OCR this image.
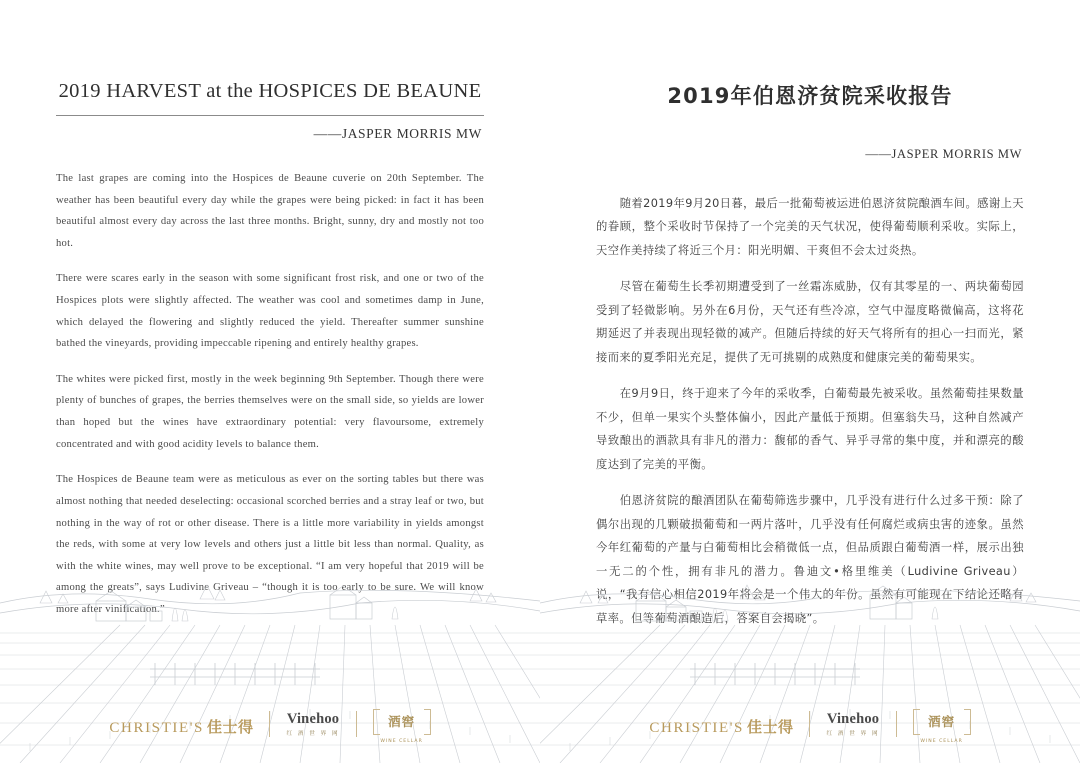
2019 HARVEST at the HOSPICES DE BEAUNE
——JASPER MORRIS MW

The last grapes are coming into the Hospices de Beaune cuverie on 20th September. The weather has been beautiful every day while the grapes were being picked: in fact it has been beautiful almost every day across the last three months. Bright, sunny, dry and mostly not too hot.

There were scares early in the season with some significant frost risk, and one or two of the Hospices plots were slightly affected. The weather was cool and sometimes damp in June, which delayed the flowering and slightly reduced the yield. Thereafter summer sunshine bathed the vineyards, providing impeccable ripening and entirely healthy grapes.

The whites were picked first, mostly in the week beginning 9th September. Though there were plenty of bunches of grapes, the berries themselves were on the small side, so yields are lower than hoped but the wines have extraordinary potential: very flavoursome, extremely concentrated and with good acidity levels to balance them.

The Hospices de Beaune team were as meticulous as ever on the sorting tables but there was almost nothing that needed deselecting: occasional scorched berries and a stray leaf or two, but nothing in the way of rot or other disease. There is a little more variability in yields amongst the reds, with some at very low levels and others just a little bit less than normal. Quality, as with the white wines, may well prove to be exceptional. “I am very hopeful that 2019 will be among the greats”, says Ludivine Griveau – “though it is too early to be sure. We will know more after vinification.”

CHRISTIE'S 佳士得 Vinehoo
红 酒 世 界 网
酒窖
WINE CELLAR
2019年伯恩济贫院采收报告
——JASPER MORRIS MW

随着2019年9月20日暮，最后一批葡萄被运进伯恩济贫院酿酒车间。感谢上天的眷顾，整个采收时节保持了一个完美的天气状况，使得葡萄顺利采收。实际上，天空作美持续了将近三个月：阳光明媚、干爽但不会太过炎热。

尽管在葡萄生长季初期遭受到了一丝霜冻威胁，仅有其零星的一、两块葡萄园受到了轻微影响。另外在6月份，天气还有些冷凉，空气中湿度略微偏高，这将花期延迟了并表现出现轻微的减产。但随后持续的好天气将所有的担心一扫而光，紧接而来的夏季阳光充足，提供了无可挑剔的成熟度和健康完美的葡萄果实。

在9月9日，终于迎来了今年的采收季，白葡萄最先被采收。虽然葡萄挂果数量不少，但单一果实个头整体偏小，因此产量低于预期。但塞翁失马，这种自然减产导致酿出的酒款具有非凡的潜力：馥郁的香气、异乎寻常的集中度，并和漂亮的酸度达到了完美的平衡。

伯恩济贫院的酿酒团队在葡萄筛选步骤中，几乎没有进行什么过多干预：除了偶尔出现的几颗破损葡萄和一两片落叶，几乎没有任何腐烂或病虫害的迹象。虽然今年红葡萄的产量与白葡萄相比会稍微低一点，但品质跟白葡萄酒一样，展示出独一无二的个性，拥有非凡的潜力。鲁迪文•格里维美（Ludivine Griveau）说，“我有信心相信2019年将会是一个伟大的年份。虽然有可能现在下结论还略有草率。但等葡萄酒酿造后，答案自会揭晓”。

CHRISTIE'S 佳士得 Vinehoo
红 酒 世 界 网
酒窖
WINE CELLAR
